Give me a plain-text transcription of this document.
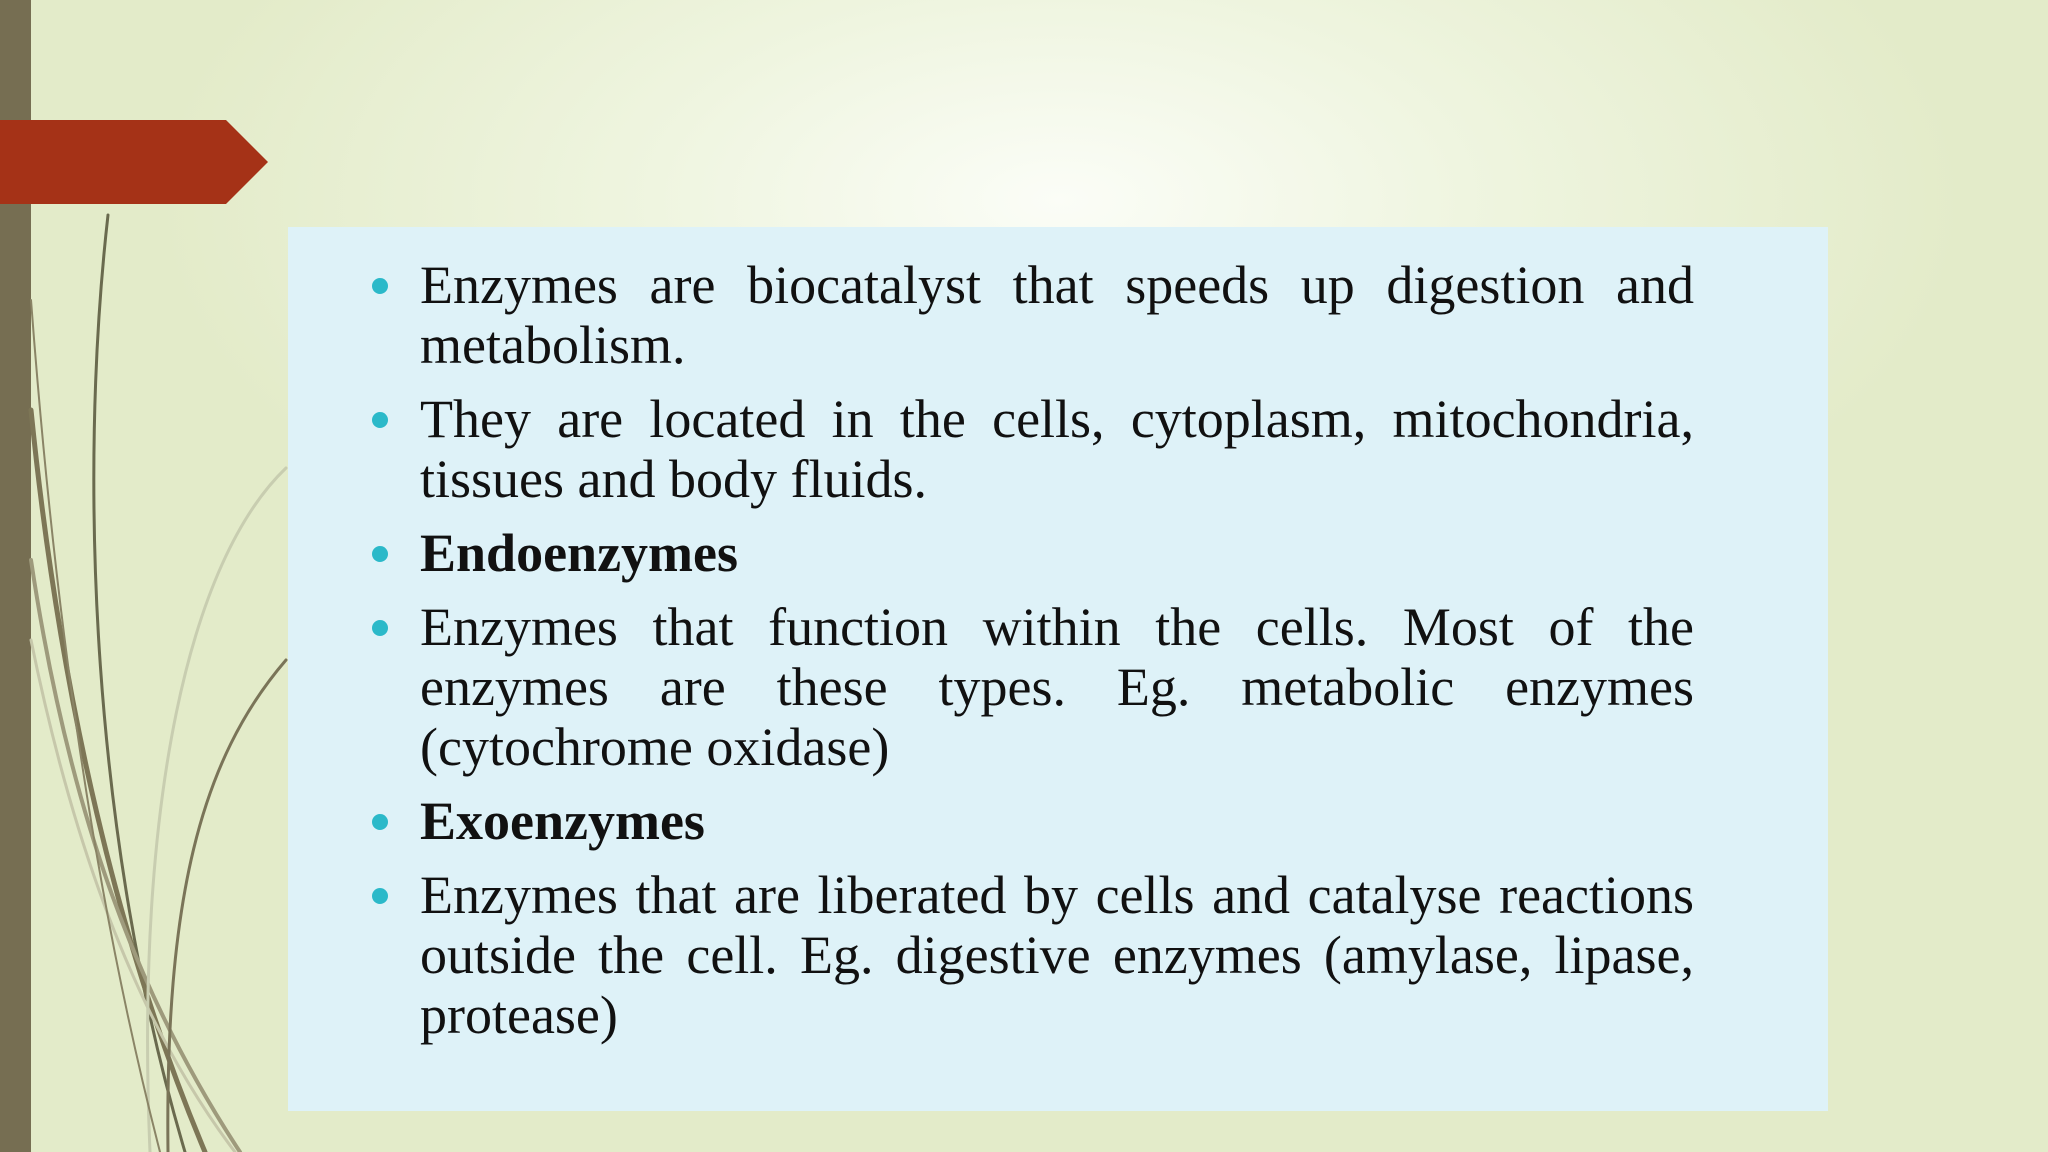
Enzymes are biocatalyst that speeds up digestion and metabolism.
They are located in the cells, cytoplasm, mitochondria, tissues and body fluids.
Endoenzymes
Enzymes that function within the cells. Most of the enzymes are these types. Eg. metabolic enzymes (cytochrome oxidase)
Exoenzymes
Enzymes that are liberated by cells and catalyse reactions outside the cell. Eg. digestive enzymes (amylase, lipase, protease)
